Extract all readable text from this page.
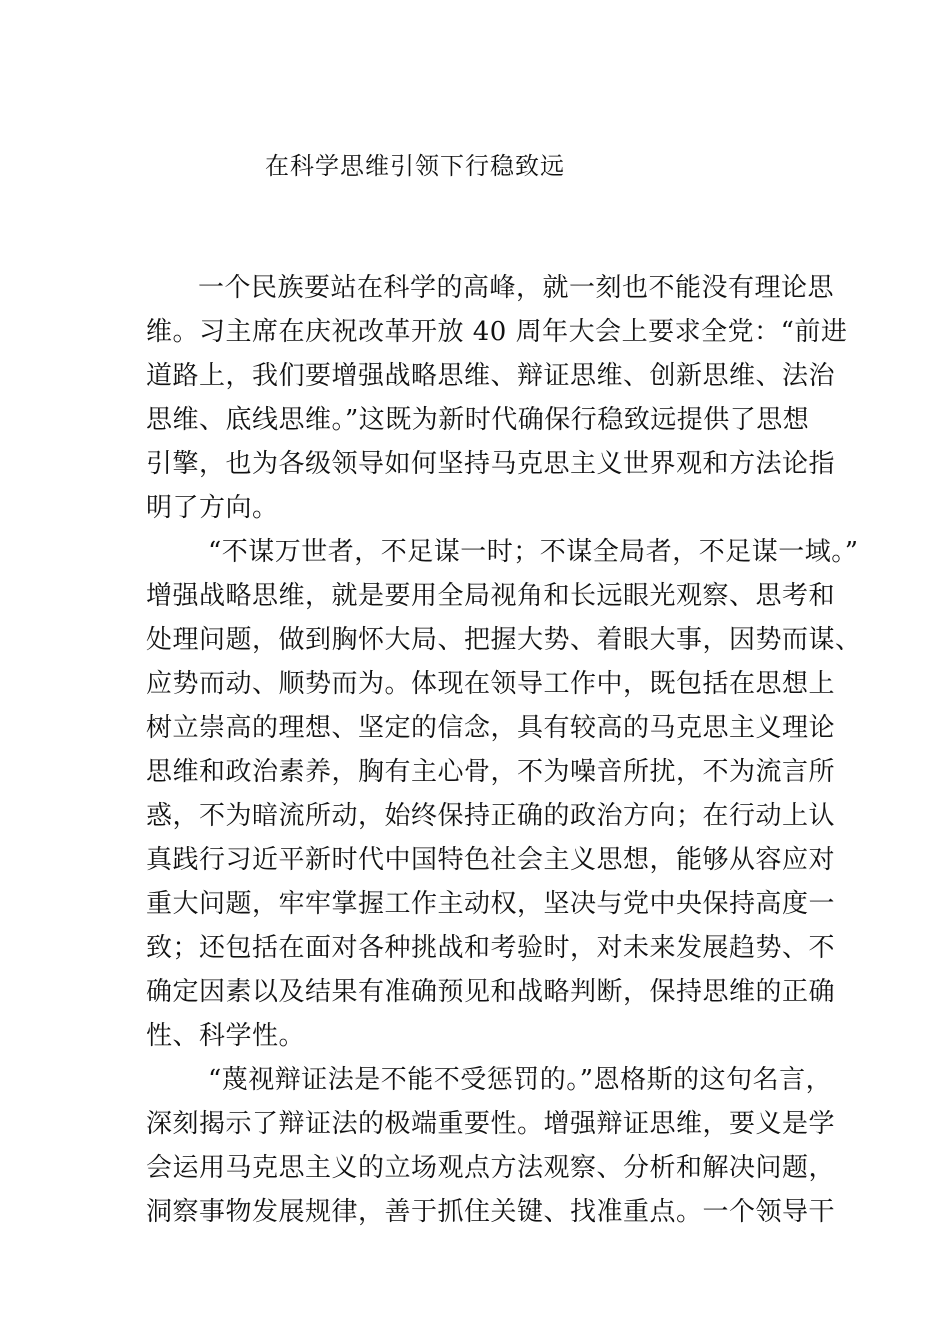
在科学思维引领下行稳致远
一个民族要站在科学的高峰，就一刻也不能没有理论思
维。习主席在庆祝改革开放 40 周年大会上要求全党：“前进
道路上，我们要增强战略思维、辩证思维、创新思维、法治
思维、底线思维。”这既为新时代确保行稳致远提供了思想
引擎，也为各级领导如何坚持马克思主义世界观和方法论指
明了方向。
“不谋万世者，不足谋一时；不谋全局者，不足谋一域。”
增强战略思维，就是要用全局视角和长远眼光观察、思考和
处理问题，做到胸怀大局、把握大势、着眼大事，因势而谋、
应势而动、顺势而为。体现在领导工作中，既包括在思想上
树立崇高的理想、坚定的信念，具有较高的马克思主义理论
思维和政治素养，胸有主心骨，不为噪音所扰，不为流言所
惑，不为暗流所动，始终保持正确的政治方向；在行动上认
真践行习近平新时代中国特色社会主义思想，能够从容应对
重大问题，牢牢掌握工作主动权，坚决与党中央保持高度一
致；还包括在面对各种挑战和考验时，对未来发展趋势、不
确定因素以及结果有准确预见和战略判断，保持思维的正确
性、科学性。
“蔑视辩证法是不能不受惩罚的。”恩格斯的这句名言，
深刻揭示了辩证法的极端重要性。增强辩证思维，要义是学
会运用马克思主义的立场观点方法观察、分析和解决问题，
洞察事物发展规律，善于抓住关键、找准重点。一个领导干
